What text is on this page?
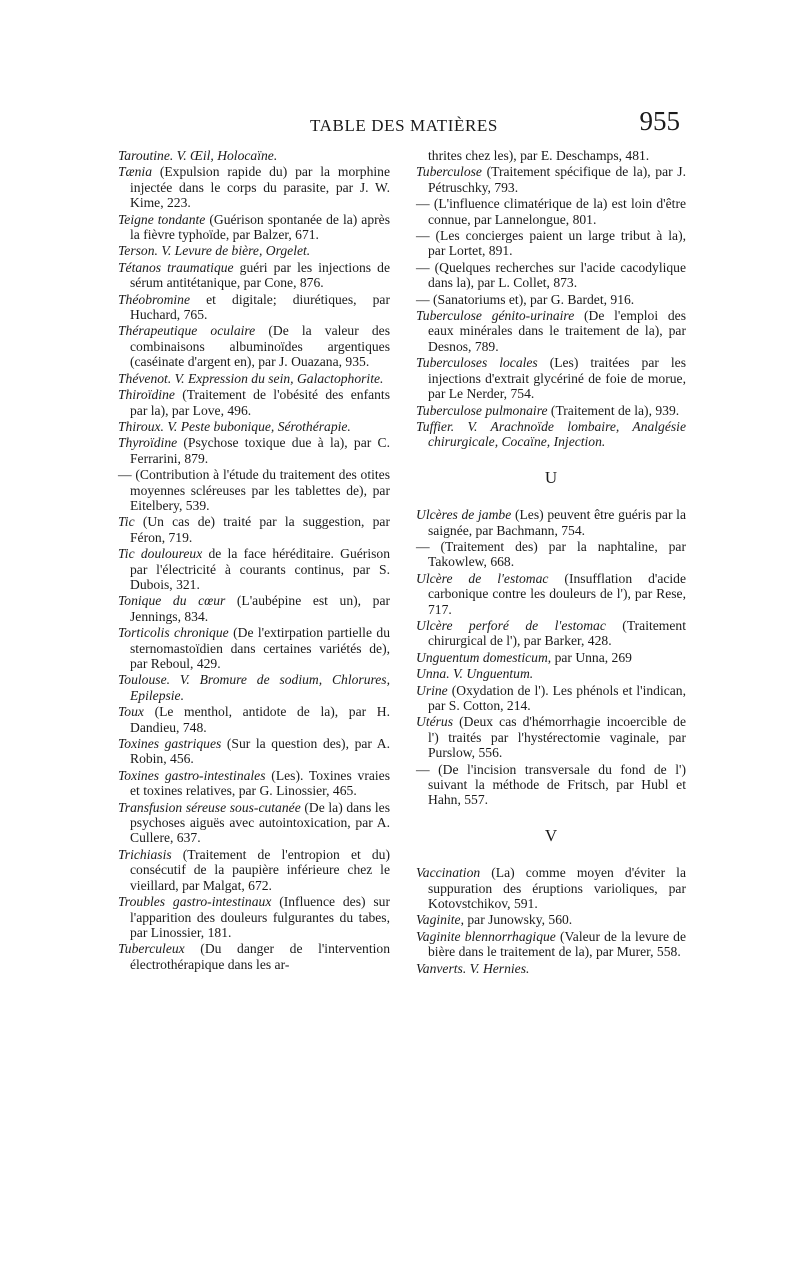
TABLE DES MATIÈRES	955
Taroutine. V. Œil, Holocaïne.
Tænia (Expulsion rapide du) par la morphine injectée dans le corps du parasite, par J. W. Kime, 223.
Teigne tondante (Guérison spontanée de la) après la fièvre typhoïde, par Balzer, 671.
Terson. V. Levure de bière, Orgelet.
Tétanos traumatique guéri par les injections de sérum antitétanique, par Cone, 876.
Théobromine et digitale; diurétiques, par Huchard, 765.
Thérapeutique oculaire (De la valeur des combinaisons albuminoïdes argentiques (caséinate d'argent en), par J. Ouazana, 935.
Thévenot. V. Expression du sein, Galactophorite.
Thiroïdine (Traitement de l'obésité des enfants par la), par Love, 496.
Thiroux. V. Peste bubonique, Sérothérapie.
Thyroïdine (Psychose toxique due à la), par C. Ferrarini, 879.
— (Contribution à l'étude du traitement des otites moyennes scléreuses par les tablettes de), par Eitelbery, 539.
Tic (Un cas de) traité par la suggestion, par Féron, 719.
Tic douloureux de la face héréditaire. Guérison par l'électricité à courants continus, par S. Dubois, 321.
Tonique du cœur (L'aubépine est un), par Jennings, 834.
Torticolis chronique (De l'extirpation partielle du sternomastoïdien dans certaines variétés de), par Reboul, 429.
Toulouse. V. Bromure de sodium, Chlorures, Epilepsie.
Toux (Le menthol, antidote de la), par H. Dandieu, 748.
Toxines gastriques (Sur la question des), par A. Robin, 456.
Toxines gastro-intestinales (Les). Toxines vraies et toxines relatives, par G. Linossier, 465.
Transfusion séreuse sous-cutanée (De la) dans les psychoses aiguës avec autointoxication, par A. Cullere, 637.
Trichiasis (Traitement de l'entropion et du) consécutif de la paupière inférieure chez le vieillard, par Malgat, 672.
Troubles gastro-intestinaux (Influence des) sur l'apparition des douleurs fulgurantes du tabes, par Linossier, 181.
Tuberculeux (Du danger de l'intervention électrothérapique dans les ar-
thrites chez les), par E. Deschamps, 481.
Tuberculose (Traitement spécifique de la), par J. Pétruschky, 793.
— (L'influence climatérique de la) est loin d'être connue, par Lannelongue, 801.
— (Les concierges paient un large tribut à la), par Lortet, 891.
— (Quelques recherches sur l'acide cacodylique dans la), par L. Collet, 873.
— (Sanatoriums et), par G. Bardet, 916.
Tuberculose génito-urinaire (De l'emploi des eaux minérales dans le traitement de la), par Desnos, 789.
Tuberculoses locales (Les) traitées par les injections d'extrait glycériné de foie de morue, par Le Nerder, 754.
Tuberculose pulmonaire (Traitement de la), 939.
Tuffier. V. Arachnoïde lombaire, Analgésie chirurgicale, Cocaïne, Injection.
U
Ulcères de jambe (Les) peuvent être guéris par la saignée, par Bachmann, 754.
— (Traitement des) par la naphtaline, par Takowlew, 668.
Ulcère de l'estomac (Insufflation d'acide carbonique contre les douleurs de l'), par Rese, 717.
Ulcère perforé de l'estomac (Traitement chirurgical de l'), par Barker, 428.
Unguentum domesticum, par Unna, 269
Unna. V. Unguentum.
Urine (Oxydation de l'). Les phénols et l'indican, par S. Cotton, 214.
Utérus (Deux cas d'hémorrhagie incoercible de l') traités par l'hystérectomie vaginale, par Purslow, 556.
— (De l'incision transversale du fond de l') suivant la méthode de Fritsch, par Hubl et Hahn, 557.
V
Vaccination (La) comme moyen d'éviter la suppuration des éruptions varioliques, par Kotovstchikov, 591.
Vaginite, par Junowsky, 560.
Vaginite blennorrhagique (Valeur de la levure de bière dans le traitement de la), par Murer, 558.
Vanverts. V. Hernies.
